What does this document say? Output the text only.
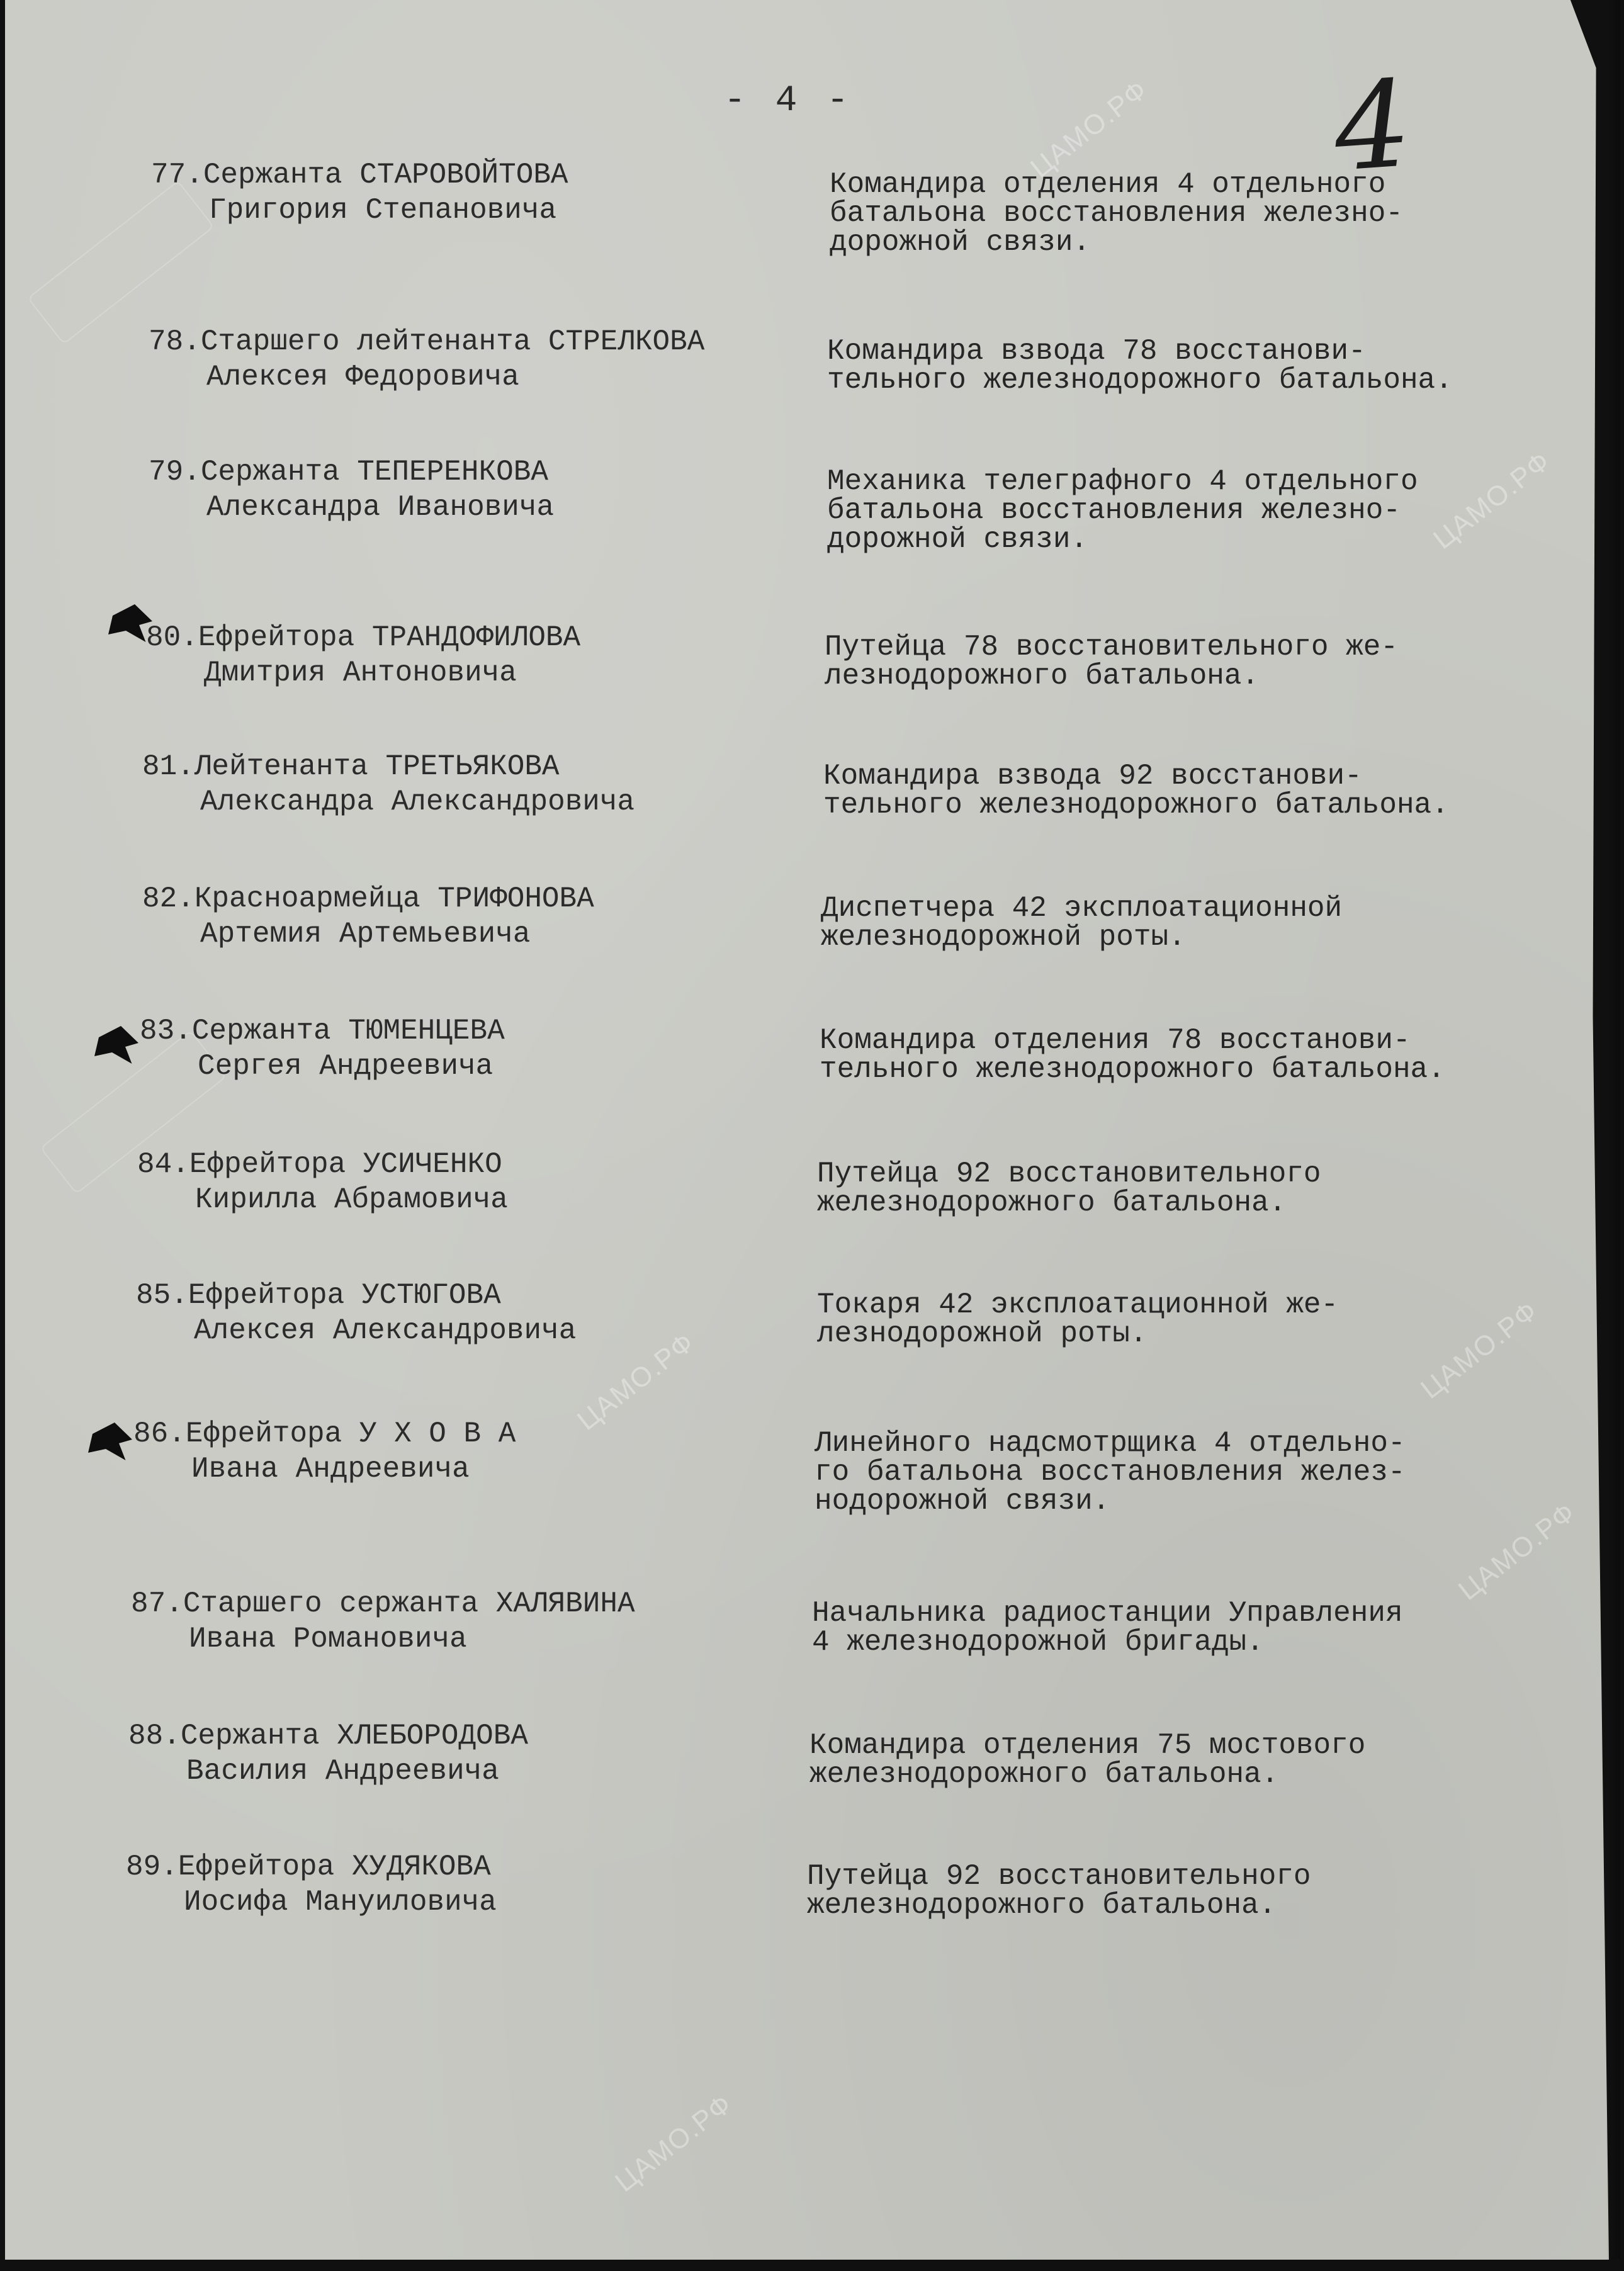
- 4 -	4
ЦАМО.РФ
ЦАМО.РФ
ЦАМО.РФ
ЦАМО.РФ
ЦАМО.РФ
ЦАМО.РФ
77.Сержанта СТАРОВОЙТОВА
Григория Степановича
Командира отделения 4 отдельного
батальона восстановления железно-
дорожной связи.
78.Старшего лейтенанта СТРЕЛКОВА
Алексея Федоровича
Командира взвода 78 восстанови-
тельного железнодорожного батальона.
79.Сержанта ТЕПЕРЕНКОВА
Александра Ивановича
Механика телеграфного 4 отдельного
батальона восстановления железно-
дорожной связи.
80.Ефрейтора ТРАНДОФИЛОВА
Дмитрия Антоновича
Путейца 78 восстановительного же-
лезнодорожного батальона.
81.Лейтенанта ТРЕТЬЯКОВА
Александра Александровича
Командира взвода 92 восстанови-
тельного железнодорожного батальона.
82.Красноармейца ТРИФОНОВА
Артемия Артемьевича
Диспетчера 42 эксплоатационной
железнодорожной роты.
83.Сержанта ТЮМЕНЦЕВА
Сергея Андреевича
Командира отделения 78 восстанови-
тельного железнодорожного батальона.
84.Ефрейтора УСИЧЕНКО
Кирилла Абрамовича
Путейца 92 восстановительного
железнодорожного батальона.
85.Ефрейтора УСТЮГОВА
Алексея Александровича
Токаря 42 эксплоатационной же-
лезнодорожной роты.
86.Ефрейтора У Х О В А
Ивана Андреевича
Линейного надсмотрщика 4 отдельно-
го батальона восстановления желез-
нодорожной связи.
87.Старшего сержанта ХАЛЯВИНА
Ивана Романовича
Начальника радиостанции Управления
4 железнодорожной бригады.
88.Сержанта ХЛЕБОРОДОВА
Василия Андреевича
Командира отделения 75 мостового
железнодорожного батальона.
89.Ефрейтора ХУДЯКОВА
Иосифа Мануиловича
Путейца 92 восстановительного
железнодорожного батальона.
